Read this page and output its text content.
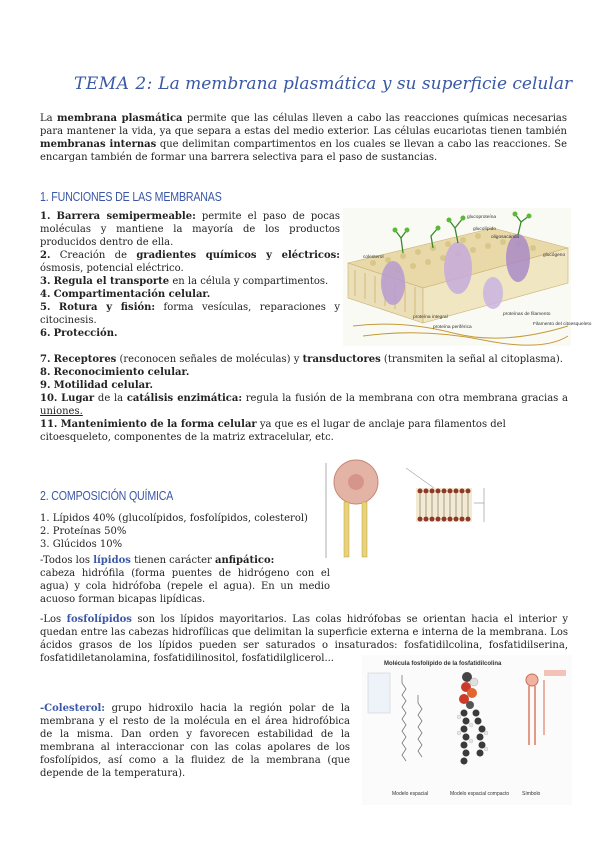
TEMA 2: La membrana plasmática y su superficie celular
La membrana plasmática permite que las células lleven a cabo las reacciones químicas necesarias para mantener la vida, ya que separa a estas del medio exterior. Las células eucariotas tienen también membranas internas que delimitan compartimentos en los cuales se llevan a cabo las reacciones. Se encargan también de formar una barrera selectiva para el paso de sustancias.
1. FUNCIONES DE LAS MEMBRANAS
1. Barrera semipermeable: permite el paso de pocas moléculas y mantiene la mayoría de los productos producidos dentro de ella.
2. Creación de gradientes químicos y eléctricos: ósmosis, potencial eléctrico.
3. Regula el transporte en la célula y compartimentos.
4. Compartimentación celular.
5. Rotura y fisión: forma vesículas, reparaciones y citocinesis.
6. Protección.
7. Receptores (reconocen señales de moléculas) y transductores (transmiten la señal al citoplasma).
8. Reconocimiento celular.
9. Motilidad celular.
10. Lugar de la catálisis enzimática: regula la fusión de la membrana con otra membrana gracias a uniones.
11. Mantenimiento de la forma celular ya que es el lugar de anclaje para filamentos del citoesqueleto, componentes de la matriz extracelular, etc.
glucoproteína
glucolípido
oligosacárido
glucógeno
colesterol
proteínas de filamento
proteína integral
Filamento del citoesqueleto
proteína periférica
2. COMPOSICIÓN QUÍMICA
1. Lípidos 40% (glucolípidos, fosfolípidos, colesterol)
2. Proteínas 50%
3. Glúcidos 10%
-Todos los lípidos tienen carácter anfipático:
cabeza hidrófila (forma puentes de hidrógeno con el agua) y cola hidrófoba (repele el agua). En un medio acuoso forman bicapas lipídicas.
-Los fosfolípidos son los lípidos mayoritarios. Las colas hidrófobas se orientan hacia el interior y quedan entre las cabezas hidrofílicas que delimitan la superficie externa e interna de la membrana. Los ácidos grasos de los lípidos pueden ser saturados o insaturados: fosfatidilcolina, fosfatidilserina, fosfatidiletanolamina, fosfatidilinositol, fosfatidilglicerol...
-Colesterol: grupo hidroxilo hacia la región polar de la membrana y el resto de la molécula en el área hidrofóbica de la misma. Dan orden y favorecen estabilidad de la membrana al interaccionar con las colas apolares de los fosfolípidos, así como a la fluidez de la membrana (que depende de la temperatura).
Molécula fosfolípido de la fosfatidilcolina
Modelo espacial	Modelo espacial compacto	Símbolo
